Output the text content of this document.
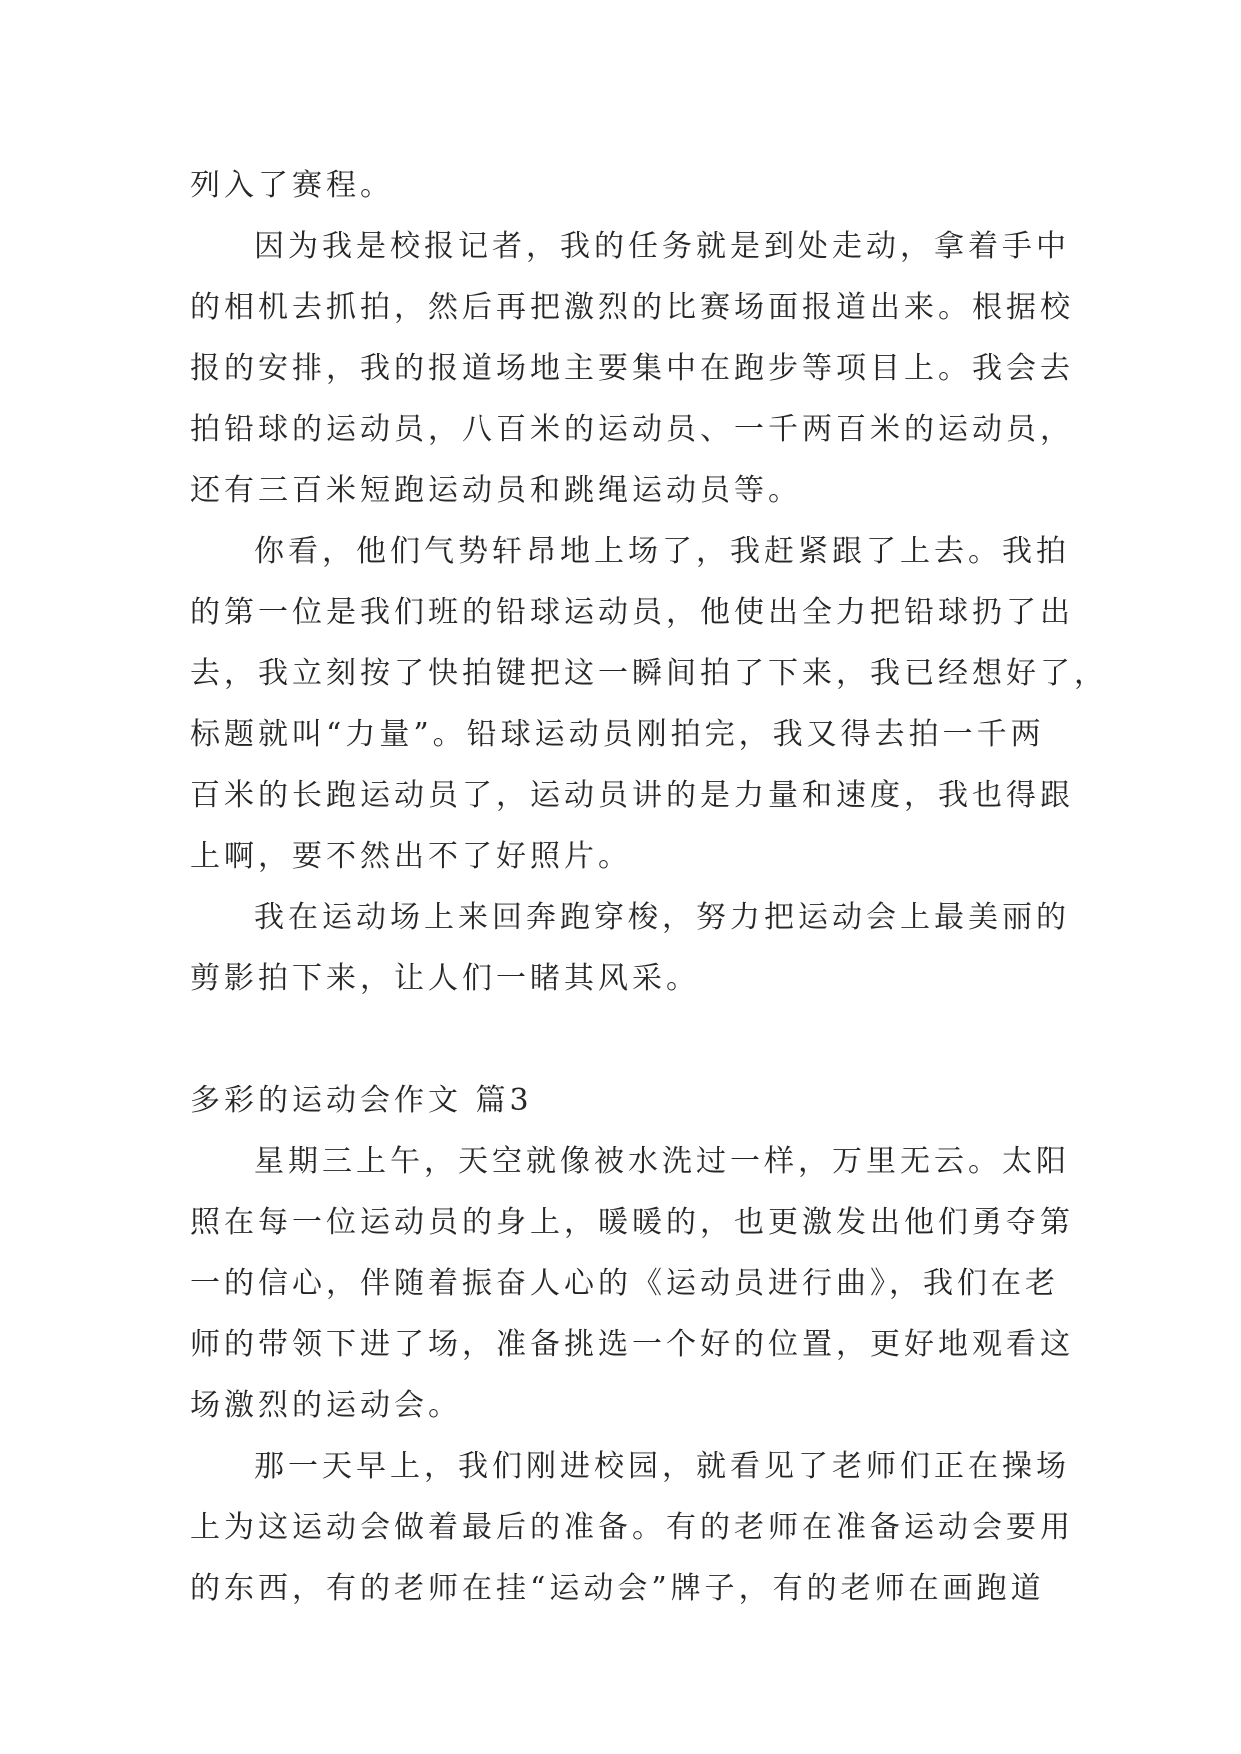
列入了赛程。
因为我是校报记者，我的任务就是到处走动，拿着手中
的相机去抓拍，然后再把激烈的比赛场面报道出来。根据校
报的安排，我的报道场地主要集中在跑步等项目上。我会去
拍铅球的运动员，八百米的运动员、一千两百米的运动员，
还有三百米短跑运动员和跳绳运动员等。
你看，他们气势轩昂地上场了，我赶紧跟了上去。我拍
的第一位是我们班的铅球运动员，他使出全力把铅球扔了出
去，我立刻按了快拍键把这一瞬间拍了下来，我已经想好了，
标题就叫“力量”。铅球运动员刚拍完，我又得去拍一千两
百米的长跑运动员了，运动员讲的是力量和速度，我也得跟
上啊，要不然出不了好照片。
我在运动场上来回奔跑穿梭，努力把运动会上最美丽的
剪影拍下来，让人们一睹其风采。
多彩的运动会作文 篇3
星期三上午，天空就像被水洗过一样，万里无云。太阳
照在每一位运动员的身上，暖暖的，也更激发出他们勇夺第
一的信心，伴随着振奋人心的《运动员进行曲》，我们在老
师的带领下进了场，准备挑选一个好的位置，更好地观看这
场激烈的运动会。
那一天早上，我们刚进校园，就看见了老师们正在操场
上为这运动会做着最后的准备。有的老师在准备运动会要用
的东西，有的老师在挂“运动会”牌子，有的老师在画跑道
